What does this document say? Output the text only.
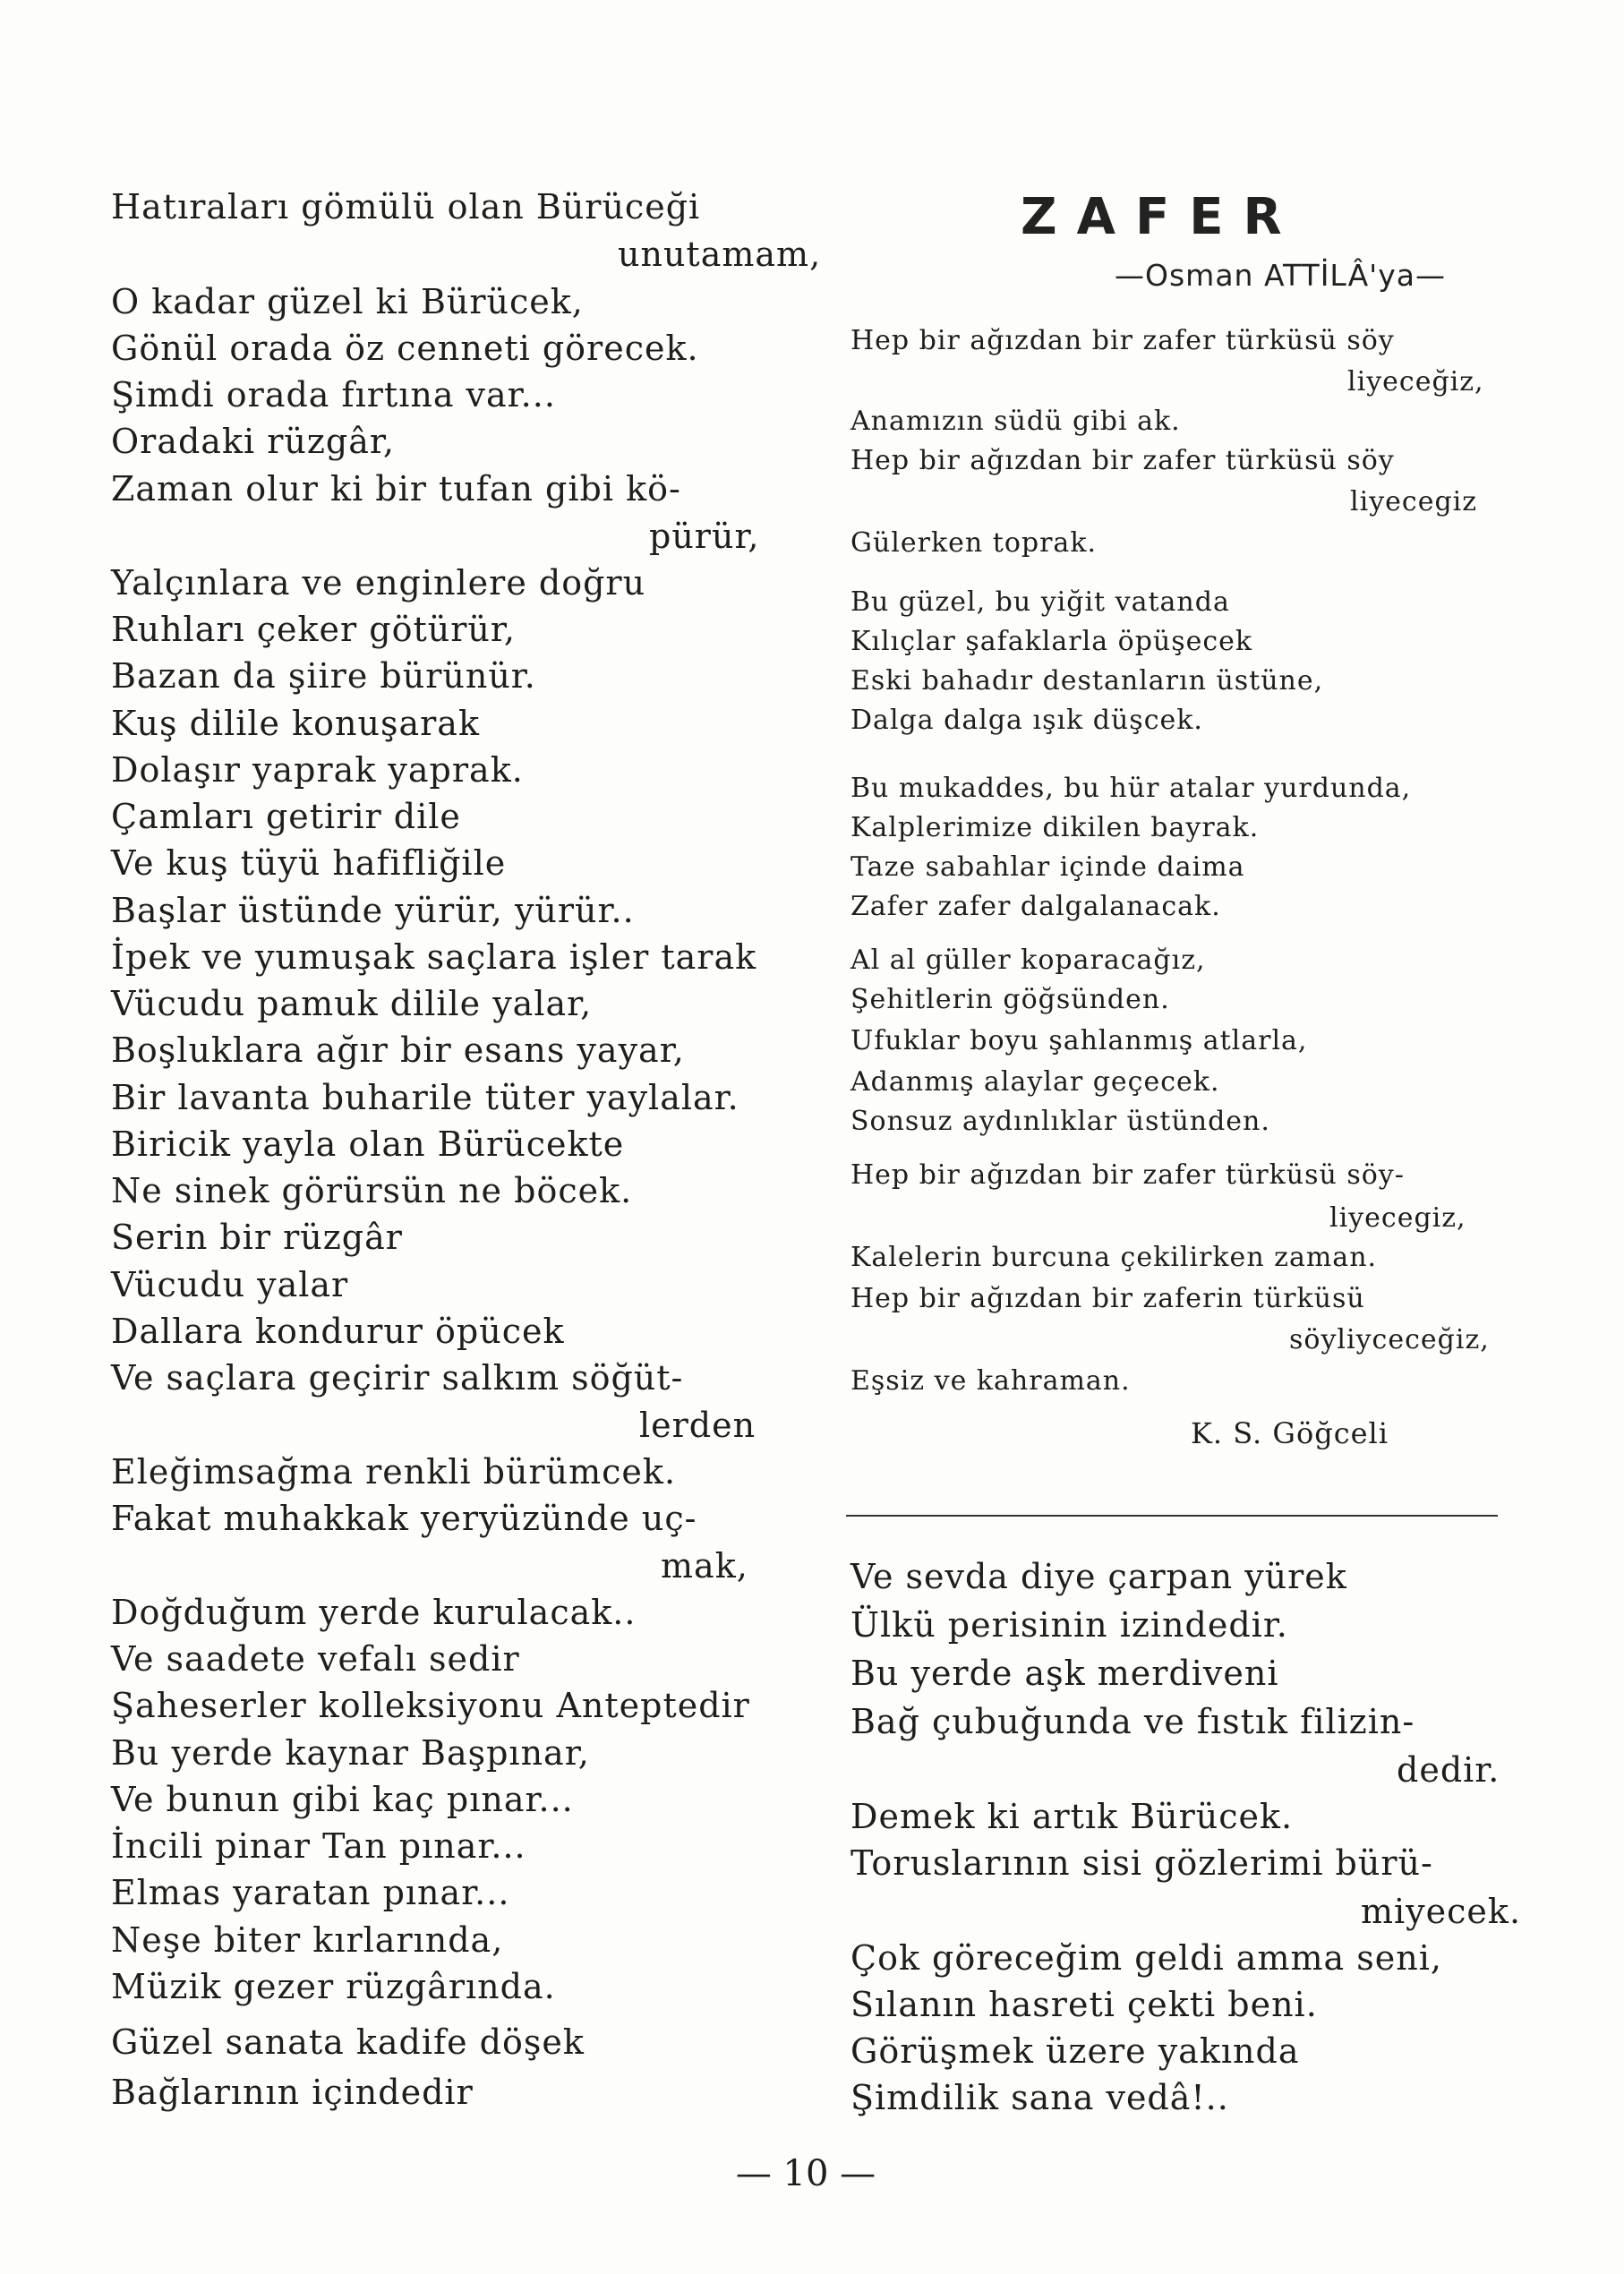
Hatıraları gömülü olan Bürüceği
unutamam,
O kadar güzel ki Bürücek,
Gönül orada öz cenneti görecek.
Şimdi orada fırtına var...
Oradaki rüzgâr,
Zaman olur ki bir tufan gibi kö-
pürür,
Yalçınlara ve enginlere doğru
Ruhları çeker götürür,
Bazan da şiire bürünür.
Kuş dilile konuşarak
Dolaşır yaprak yaprak.
Çamları getirir dile
Ve kuş tüyü hafifliğile
Başlar üstünde yürür, yürür..
İpek ve yumuşak saçlara işler tarak
Vücudu pamuk dilile yalar,
Boşluklara ağır bir esans yayar,
Bir lavanta buharile tüter yaylalar.
Biricik yayla olan Bürücekte
Ne sinek görürsün ne böcek.
Serin bir rüzgâr
Vücudu yalar
Dallara kondurur öpücek
Ve saçlara geçirir salkım söğüt-
lerden
Eleğimsağma renkli bürümcek.
Fakat muhakkak yeryüzünde uç-
mak,
Doğduğum yerde kurulacak..
Ve saadete vefalı sedir
Şaheserler kolleksiyonu Anteptedir
Bu yerde kaynar Başpınar,
Ve bunun gibi kaç pınar...
İncili pinar Tan pınar...
Elmas yaratan pınar...
Neşe biter kırlarında,
Müzik gezer rüzgârında.
Güzel sanata kadife döşek
Bağlarının içindedir
ZAFER
—Osman ATTİLÂ'ya—
Hep bir ağızdan bir zafer türküsü söy
liyeceğiz,
Anamızın südü gibi ak.
Hep bir ağızdan bir zafer türküsü söy
liyecegiz
Gülerken toprak.
Bu güzel, bu yiğit vatanda
Kılıçlar şafaklarla öpüşecek
Eski bahadır destanların üstüne,
Dalga dalga ışık düşcek.
Bu mukaddes, bu hür atalar yurdunda,
Kalplerimize dikilen bayrak.
Taze sabahlar içinde daima
Zafer zafer dalgalanacak.
Al al güller koparacağız,
Şehitlerin göğsünden.
Ufuklar boyu şahlanmış atlarla,
Adanmış alaylar geçecek.
Sonsuz aydınlıklar üstünden.
Hep bir ağızdan bir zafer türküsü söy-
liyecegiz,
Kalelerin burcuna çekilirken zaman.
Hep bir ağızdan bir zaferin türküsü
söyliyceceğiz,
Eşsiz ve kahraman.
K. S. Göğceli
Ve sevda diye çarpan yürek
Ülkü perisinin izindedir.
Bu yerde aşk merdiveni
Bağ çubuğunda ve fıstık filizin-
dedir.
Demek ki artık Bürücek.
Toruslarının sisi gözlerimi bürü-
miyecek.
Çok göreceğim geldi amma seni,
Sılanın hasreti çekti beni.
Görüşmek üzere yakında
Şimdilik sana vedâ!..
— 10 —
